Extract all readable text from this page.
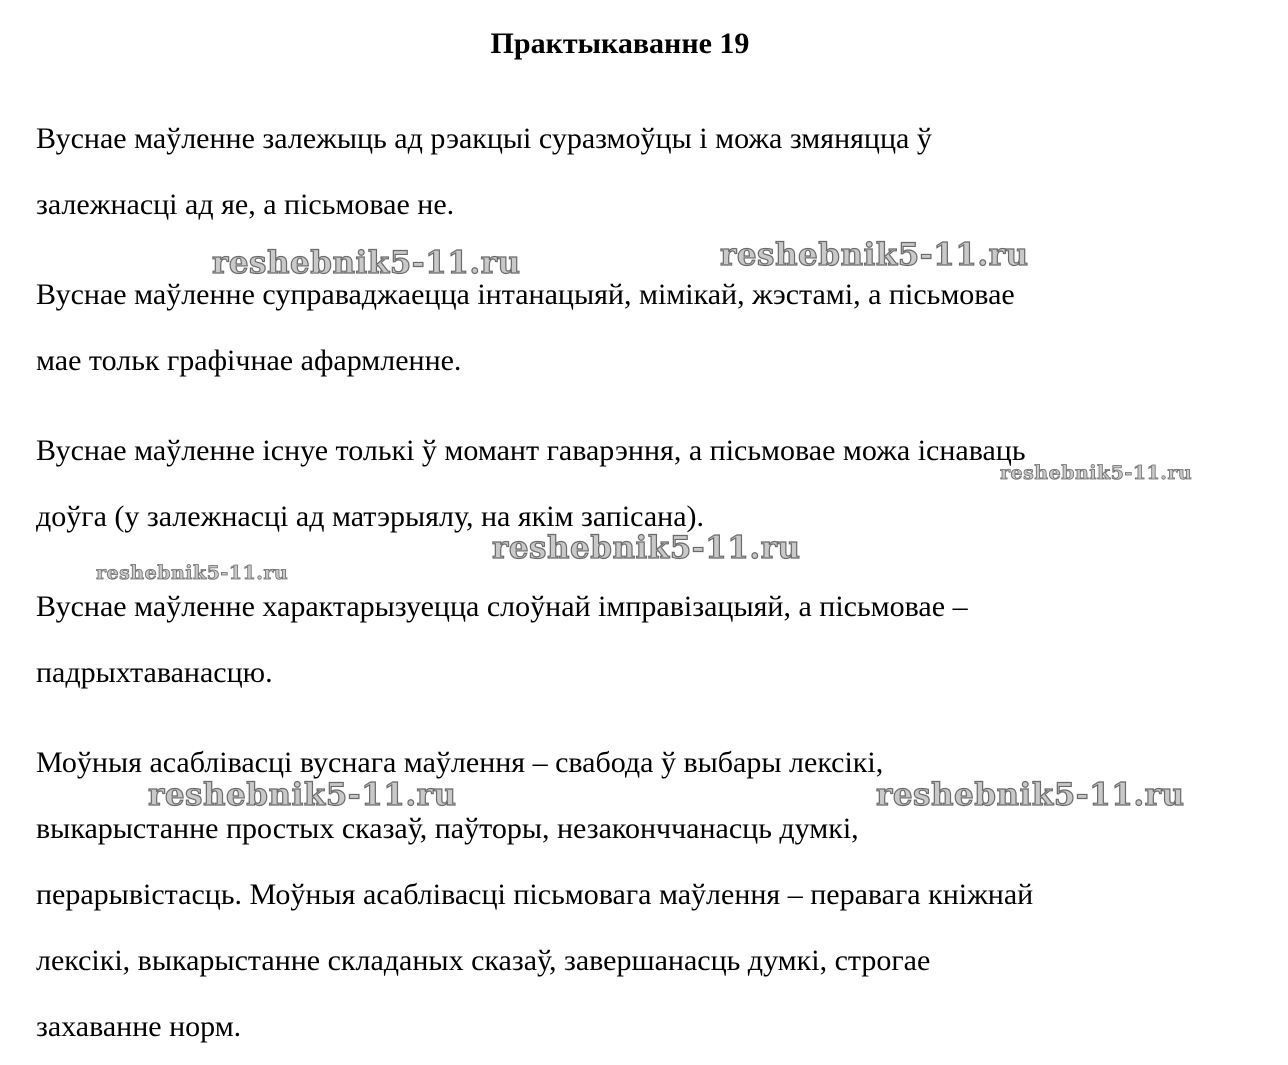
Практыкаванне 19
Вуснае маўленне залежыць ад рэакцыі суразмоўцы і можа змяняцца ў
залежнасці ад яе, а пісьмовае не.
Вуснае маўленне суправаджаецца інтанацыяй, мімікай, жэстамі, а пісьмовае
мае тольк графічнае афармленне.
Вуснае маўленне існуе толькі ў момант гаварэння, а пісьмовае можа існаваць
доўга (у залежнасці ад матэрыялу, на якім запісана).
Вуснае маўленне характарызуецца слоўнай імправізацыяй, а пісьмовае –
падрыхтаванасцю.
Моўныя асаблівасці вуснага маўлення – свабода ў выбары лексікі,
выкарыстанне простых сказаў, паўторы, незаконччанасць думкі,
перарывістасць. Моўныя асаблівасці пісьмовага маўлення – перавага кніжнай
лексікі, выкарыстанне складаных сказаў, завершанасць думкі, строгае
захаванне норм.
reshebnik5-11.ru	reshebnik5-11.ru
reshebnik5-11.ru
reshebnik5-11.ru
reshebnik5-11.ru
reshebnik5-11.ru	reshebnik5-11.ru
